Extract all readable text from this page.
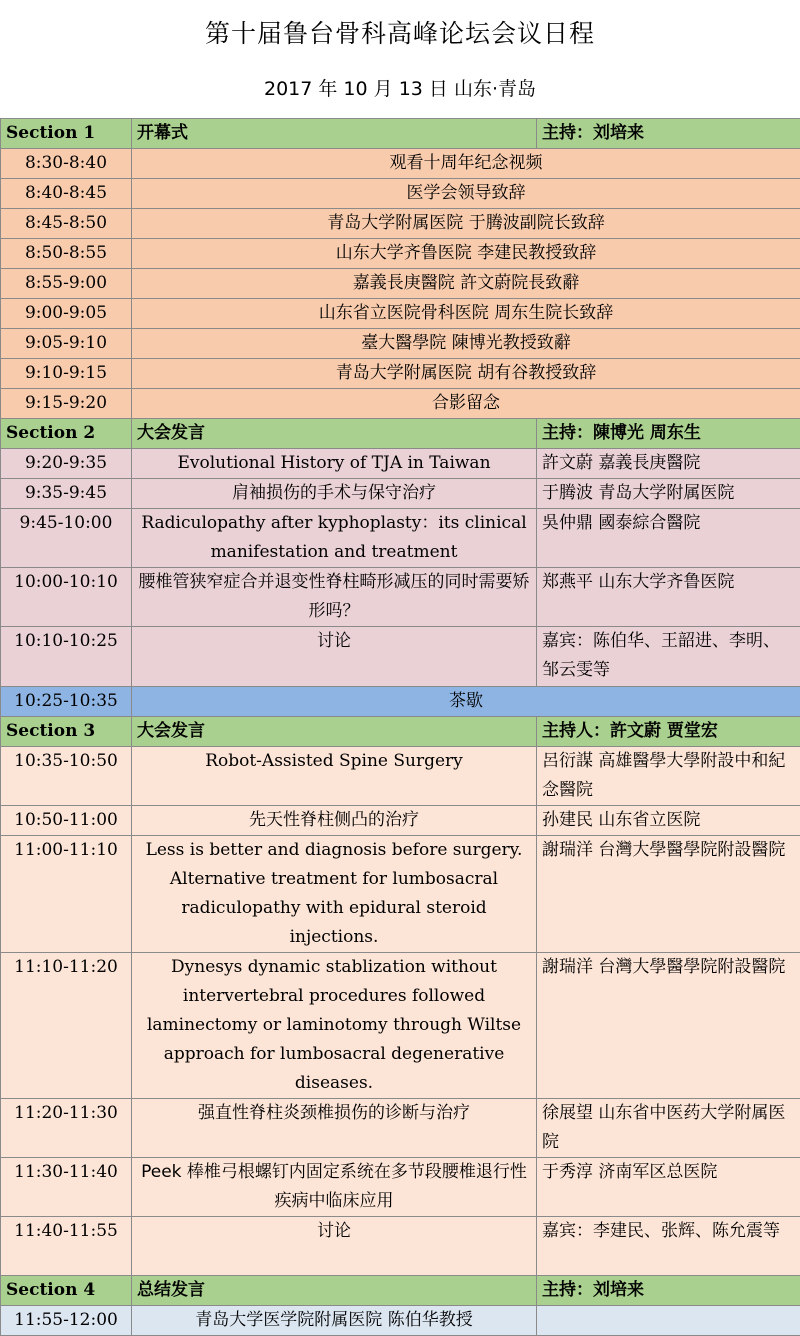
第十届鲁台骨科高峰论坛会议日程
2017 年 10 月 13 日 山东·青岛
Section 1	开幕式	主持：刘培来
8:30-8:40	观看十周年纪念视频	
8:40-8:45	医学会领导致辞	
8:45-8:50	青岛大学附属医院 于腾波副院长致辞	
8:50-8:55	山东大学齐鲁医院 李建民教授致辞	
8:55-9:00	嘉義長庚醫院 許文蔚院長致辭	
9:00-9:05	山东省立医院骨科医院 周东生院长致辞	
9:05-9:10	臺大醫學院 陳博光教授致辭	
9:10-9:15	青岛大学附属医院 胡有谷教授致辞	
9:15-9:20	合影留念	
Section 2	大会发言	主持：陳博光 周东生
9:20-9:35	Evolutional History of TJA in Taiwan	許文蔚 嘉義長庚醫院
9:35-9:45	肩袖损伤的手术与保守治疗	于腾波 青岛大学附属医院
9:45-10:00	Radiculopathy after kyphoplasty：its clinical manifestation and treatment	吳仲鼎 國泰綜合醫院
10:00-10:10	腰椎管狭窄症合并退变性脊柱畸形减压的同时需要矫形吗？	郑燕平 山东大学齐鲁医院
10:10-10:25	讨论	嘉宾：陈伯华、王韶进、李明、邹云雯等
10:25-10:35	茶歇	
Section 3	大会发言	主持人：許文蔚 贾堂宏
10:35-10:50	Robot-Assisted Spine Surgery	呂衍謀 高雄醫學大學附設中和紀念醫院
10:50-11:00	先天性脊柱侧凸的治疗	孙建民 山东省立医院
11:00-11:10	Less is better and diagnosis before surgery. Alternative treatment for lumbosacral radiculopathy with epidural steroid injections.	謝瑞洋 台灣大學醫學院附設醫院
11:10-11:20	Dynesys dynamic stablization without intervertebral procedures followed laminectomy or laminotomy through Wiltse approach for lumbosacral degenerative diseases.	謝瑞洋 台灣大學醫學院附設醫院
11:20-11:30	强直性脊柱炎颈椎损伤的诊断与治疗	徐展望 山东省中医药大学附属医院
11:30-11:40	Peek 棒椎弓根螺钉内固定系统在多节段腰椎退行性疾病中临床应用	于秀淳 济南军区总医院
11:40-11:55	讨论	嘉宾：李建民、张辉、陈允震等
Section 4	总结发言	主持：刘培来
11:55-12:00	青岛大学医学院附属医院 陈伯华教授	
